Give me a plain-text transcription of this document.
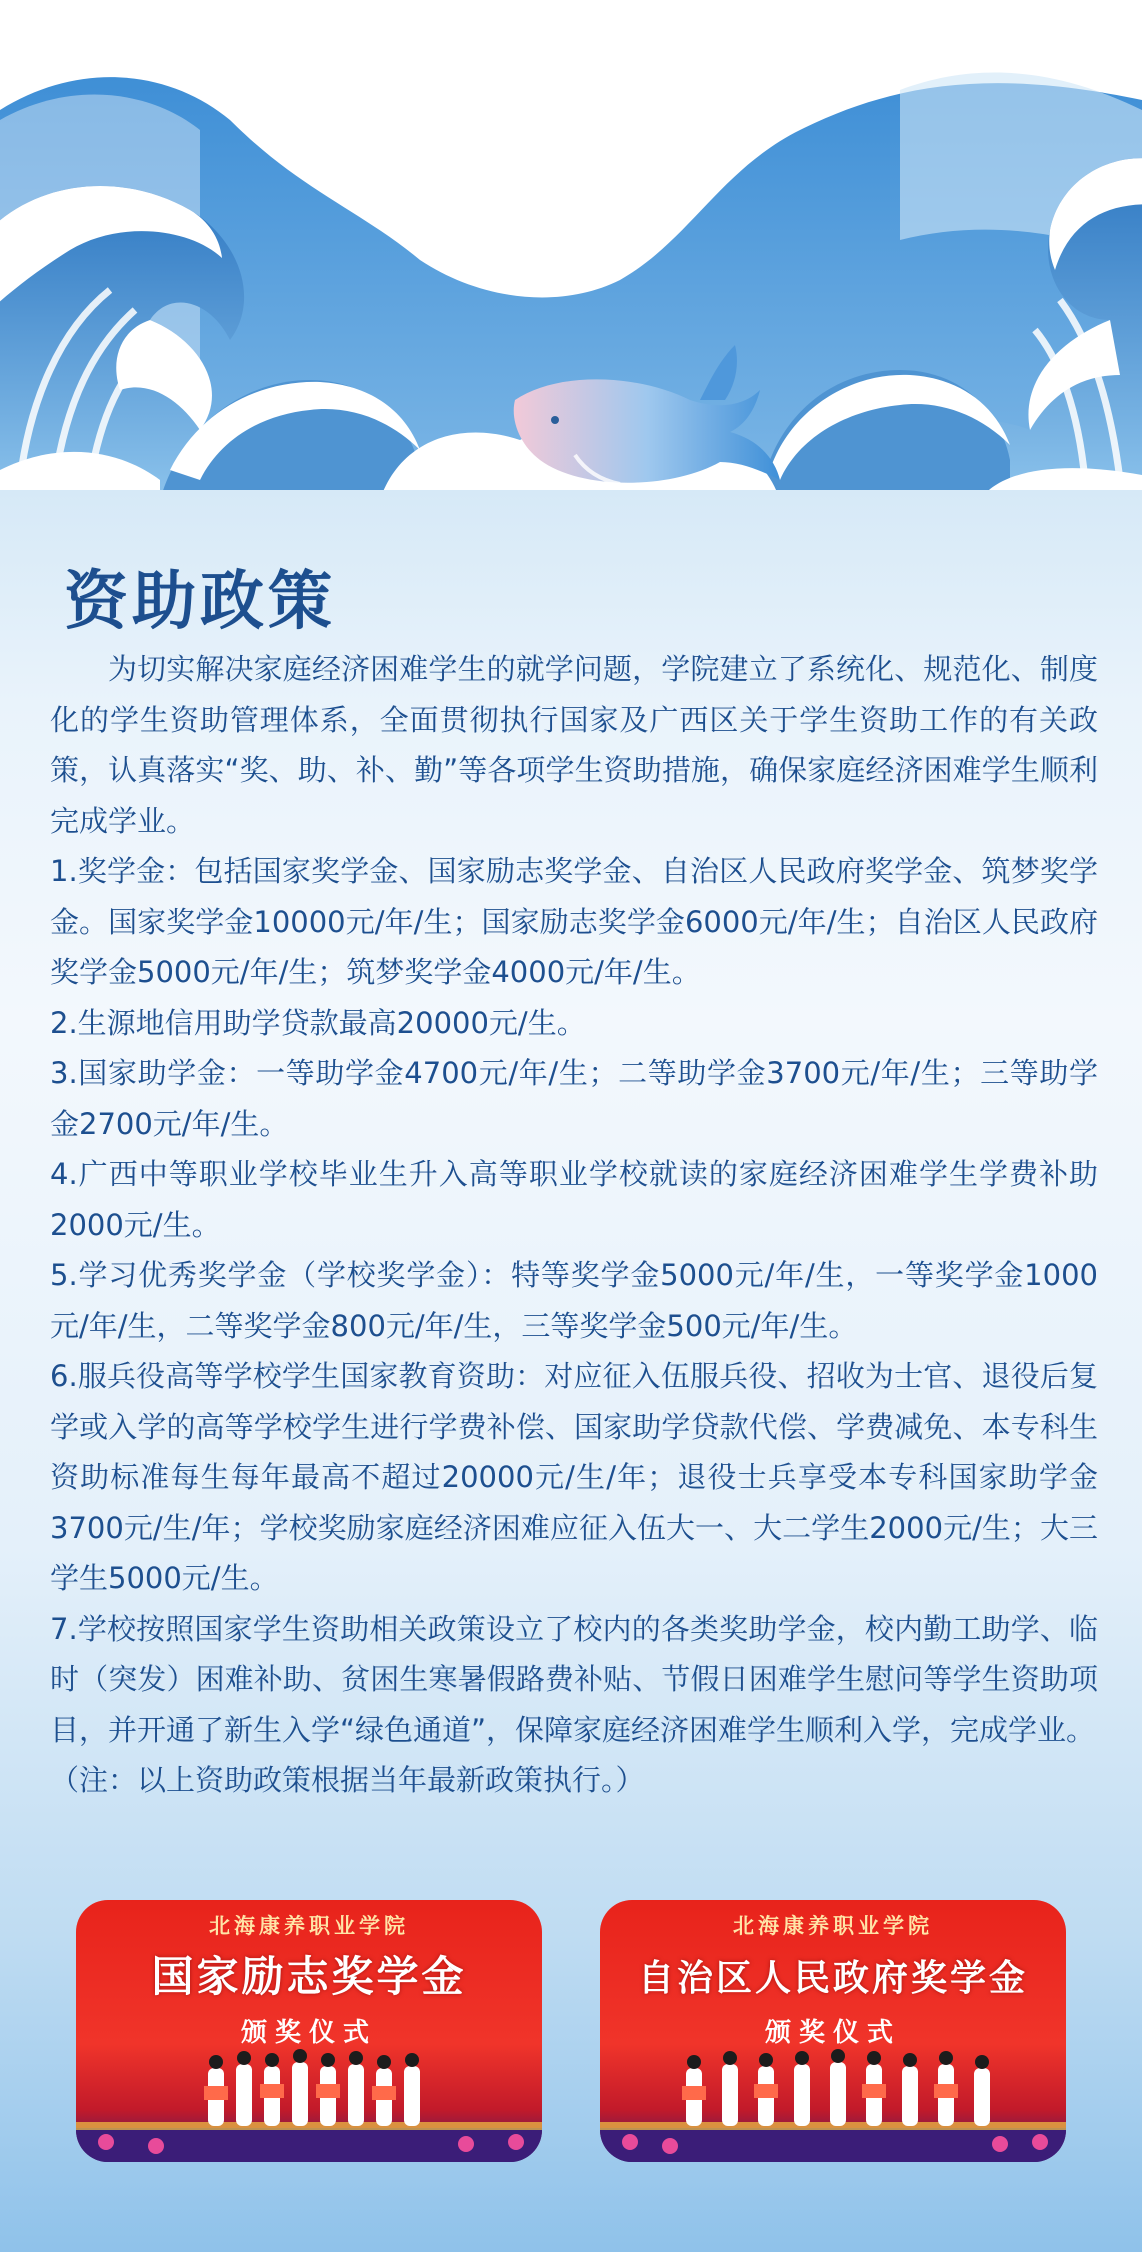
资助政策

为切实解决家庭经济困难学生的就学问题，学院建立了系统化、规范化、制度化的学生资助管理体系，全面贯彻执行国家及广西区关于学生资助工作的有关政策，认真落实“奖、助、补、勤”等各项学生资助措施，确保家庭经济困难学生顺利完成学业。

1.奖学金：包括国家奖学金、国家励志奖学金、自治区人民政府奖学金、筑梦奖学金。国家奖学金10000元/年/生；国家励志奖学金6000元/年/生；自治区人民政府奖学金5000元/年/生；筑梦奖学金4000元/年/生。

2.生源地信用助学贷款最高20000元/生。

3.国家助学金：一等助学金4700元/年/生；二等助学金3700元/年/生；三等助学金2700元/年/生。

4.广西中等职业学校毕业生升入高等职业学校就读的家庭经济困难学生学费补助2000元/生。

5.学习优秀奖学金（学校奖学金）：特等奖学金5000元/年/生，一等奖学金1000元/年/生，二等奖学金800元/年/生，三等奖学金500元/年/生。

6.服兵役高等学校学生国家教育资助：对应征入伍服兵役、招收为士官、退役后复学或入学的高等学校学生进行学费补偿、国家助学贷款代偿、学费减免、本专科生资助标准每生每年最高不超过20000元/生/年；退役士兵享受本专科国家助学金3700元/生/年；学校奖励家庭经济困难应征入伍大一、大二学生2000元/生；大三学生5000元/生。

7.学校按照国家学生资助相关政策设立了校内的各类奖助学金，校内勤工助学、临时（突发）困难补助、贫困生寒暑假路费补贴、节假日困难学生慰问等学生资助项目，并开通了新生入学“绿色通道”，保障家庭经济困难学生顺利入学，完成学业。

（注：以上资助政策根据当年最新政策执行。）

北海康养职业学院
国家励志奖学金
颁奖仪式
北海康养职业学院
自治区人民政府奖学金
颁奖仪式
